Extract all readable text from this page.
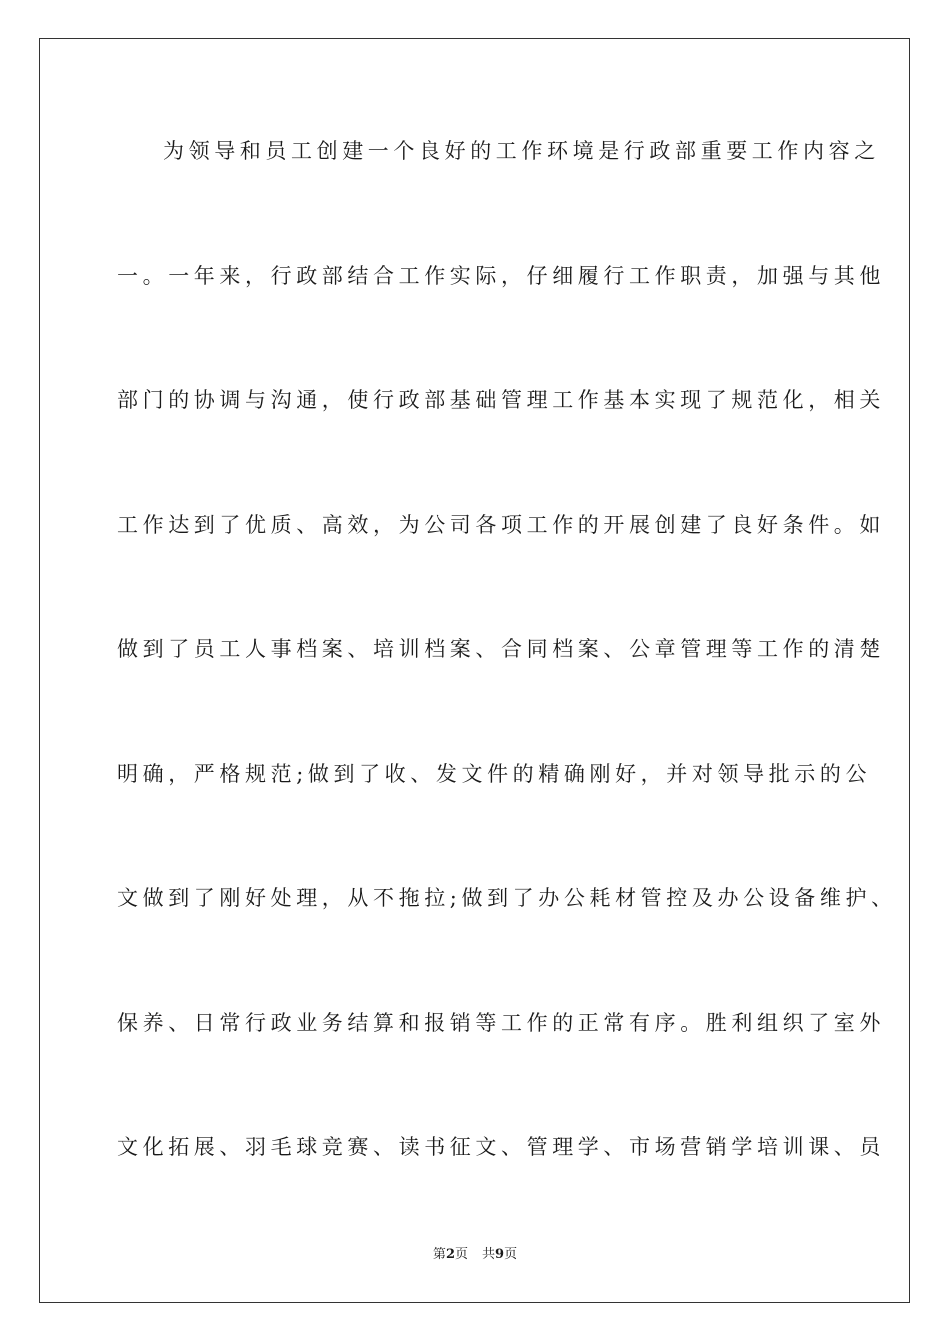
为领导和员工创建一个良好的工作环境是行政部重要工作内容之
一。一年来，行政部结合工作实际，仔细履行工作职责，加强与其他
部门的协调与沟通，使行政部基础管理工作基本实现了规范化，相关
工作达到了优质、高效，为公司各项工作的开展创建了良好条件。如
做到了员工人事档案、培训档案、合同档案、公章管理等工作的清楚
明确，严格规范;做到了收、发文件的精确刚好，并对领导批示的公
文做到了刚好处理，从不拖拉;做到了办公耗材管控及办公设备维护、
保养、日常行政业务结算和报销等工作的正常有序。胜利组织了室外
文化拓展、羽毛球竞赛、读书征文、管理学、市场营销学培训课、员
第2页 共9页
